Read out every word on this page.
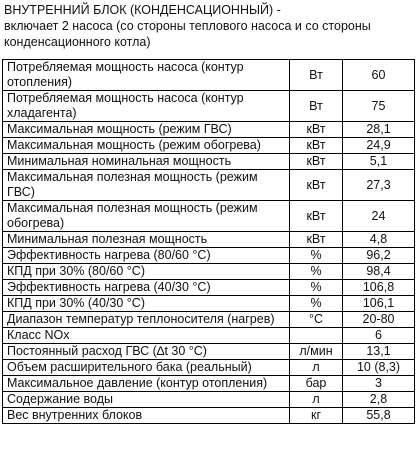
ВНУТРЕННИЙ БЛОК (КОНДЕНСАЦИОННЫЙ) -
включает 2 насоса (со стороны теплового насоса и со стороны
конденсационного котла)
Потребляемая мощность насоса (контур отопления)	Вт	60
Потребляемая мощность насоса (контур хладагента)	Вт	75
Максимальная мощность (режим ГВС)	кВт	28,1
Максимальная мощность (режим обогрева)	кВт	24,9
Минимальная номинальная мощность	кВт	5,1
Максимальная полезная мощность (режим ГВС)	кВт	27,3
Максимальная полезная мощность (режим обогрева)	кВт	24
Минимальная полезная мощность	кВт	4,8
Эффективность нагрева (80/60 °C)	%	96,2
КПД при 30% (80/60 °C)	%	98,4
Эффективность нагрева (40/30 °C)	%	106,8
КПД при 30% (40/30 °C)	%	106,1
Диапазон температур теплоносителя (нагрев)	°C	20-80
Класс NOx		6
Постоянный расход ГВС (∆t 30 °C)	л/мин	13,1
Объем расширительного бака (реальный)	л	10 (8,3)
Максимальное давление (контур отопления)	бар	3
Содержание воды	л	2,8
Вес внутренних блоков	кг	55,8
